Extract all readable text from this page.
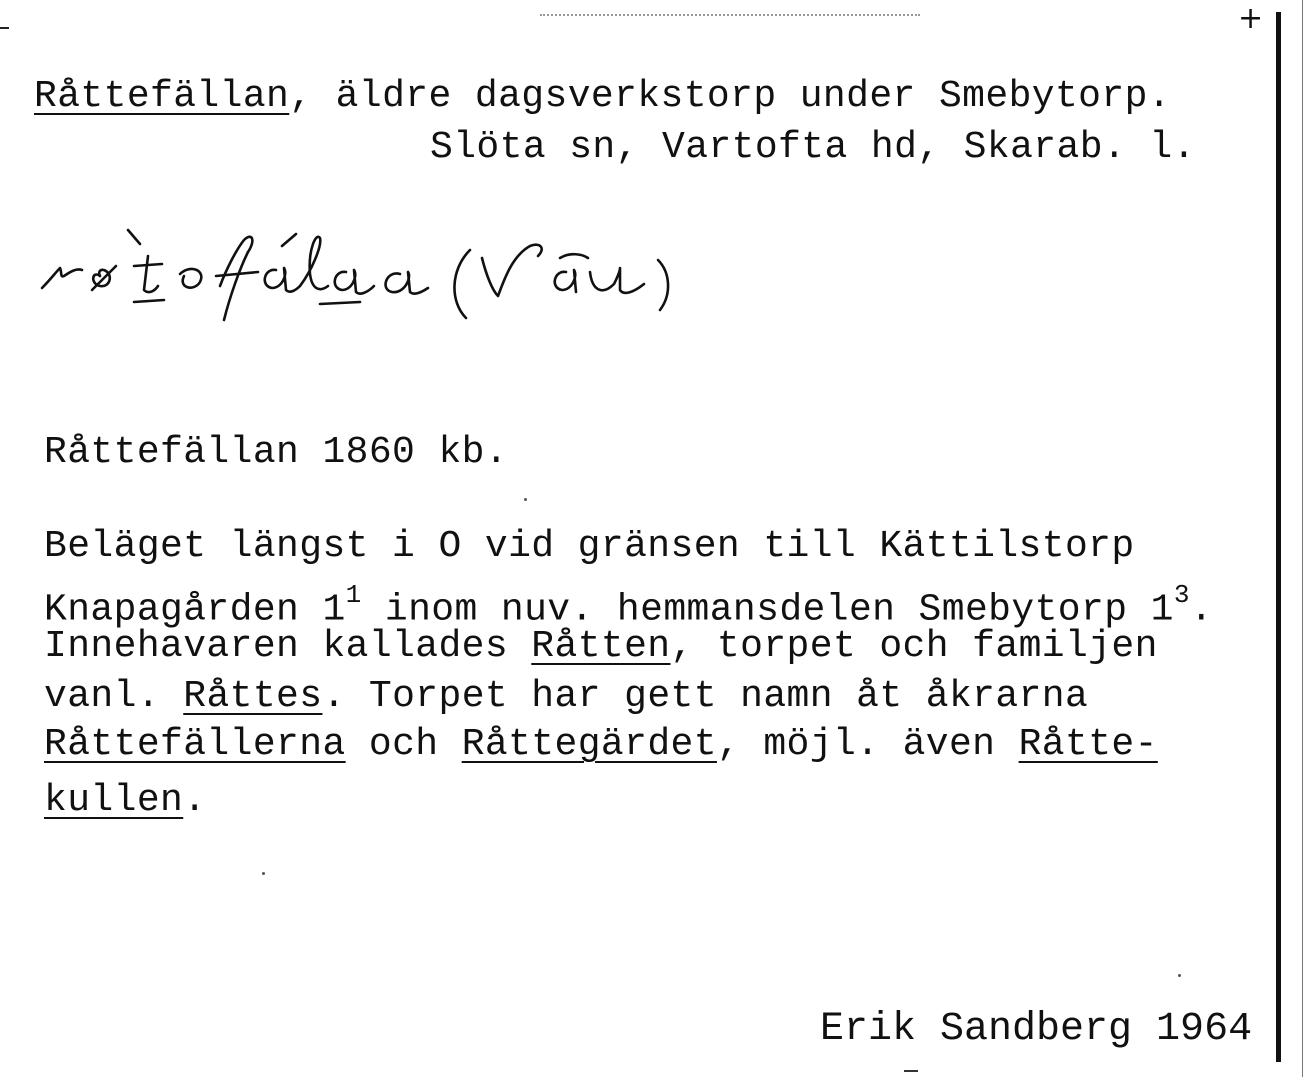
+
Råttefällan, äldre dagsverkstorp under Smebytorp.
Slöta sn, Vartofta hd, Skarab. l.
Råttefällan 1860 kb.
Beläget längst i O vid gränsen till Kättilstorp
Knapagården $1^1$ inom nuv. hemmansdelen Smebytorp $1^3$.
Innehavaren kallades Råtten, torpet och familjen
vanl. Råttes. Torpet har gett namn åt åkrarna
Råttefällerna och Råttegärdet, möjl. även Råtte-
kullen.
Erik Sandberg 1964
